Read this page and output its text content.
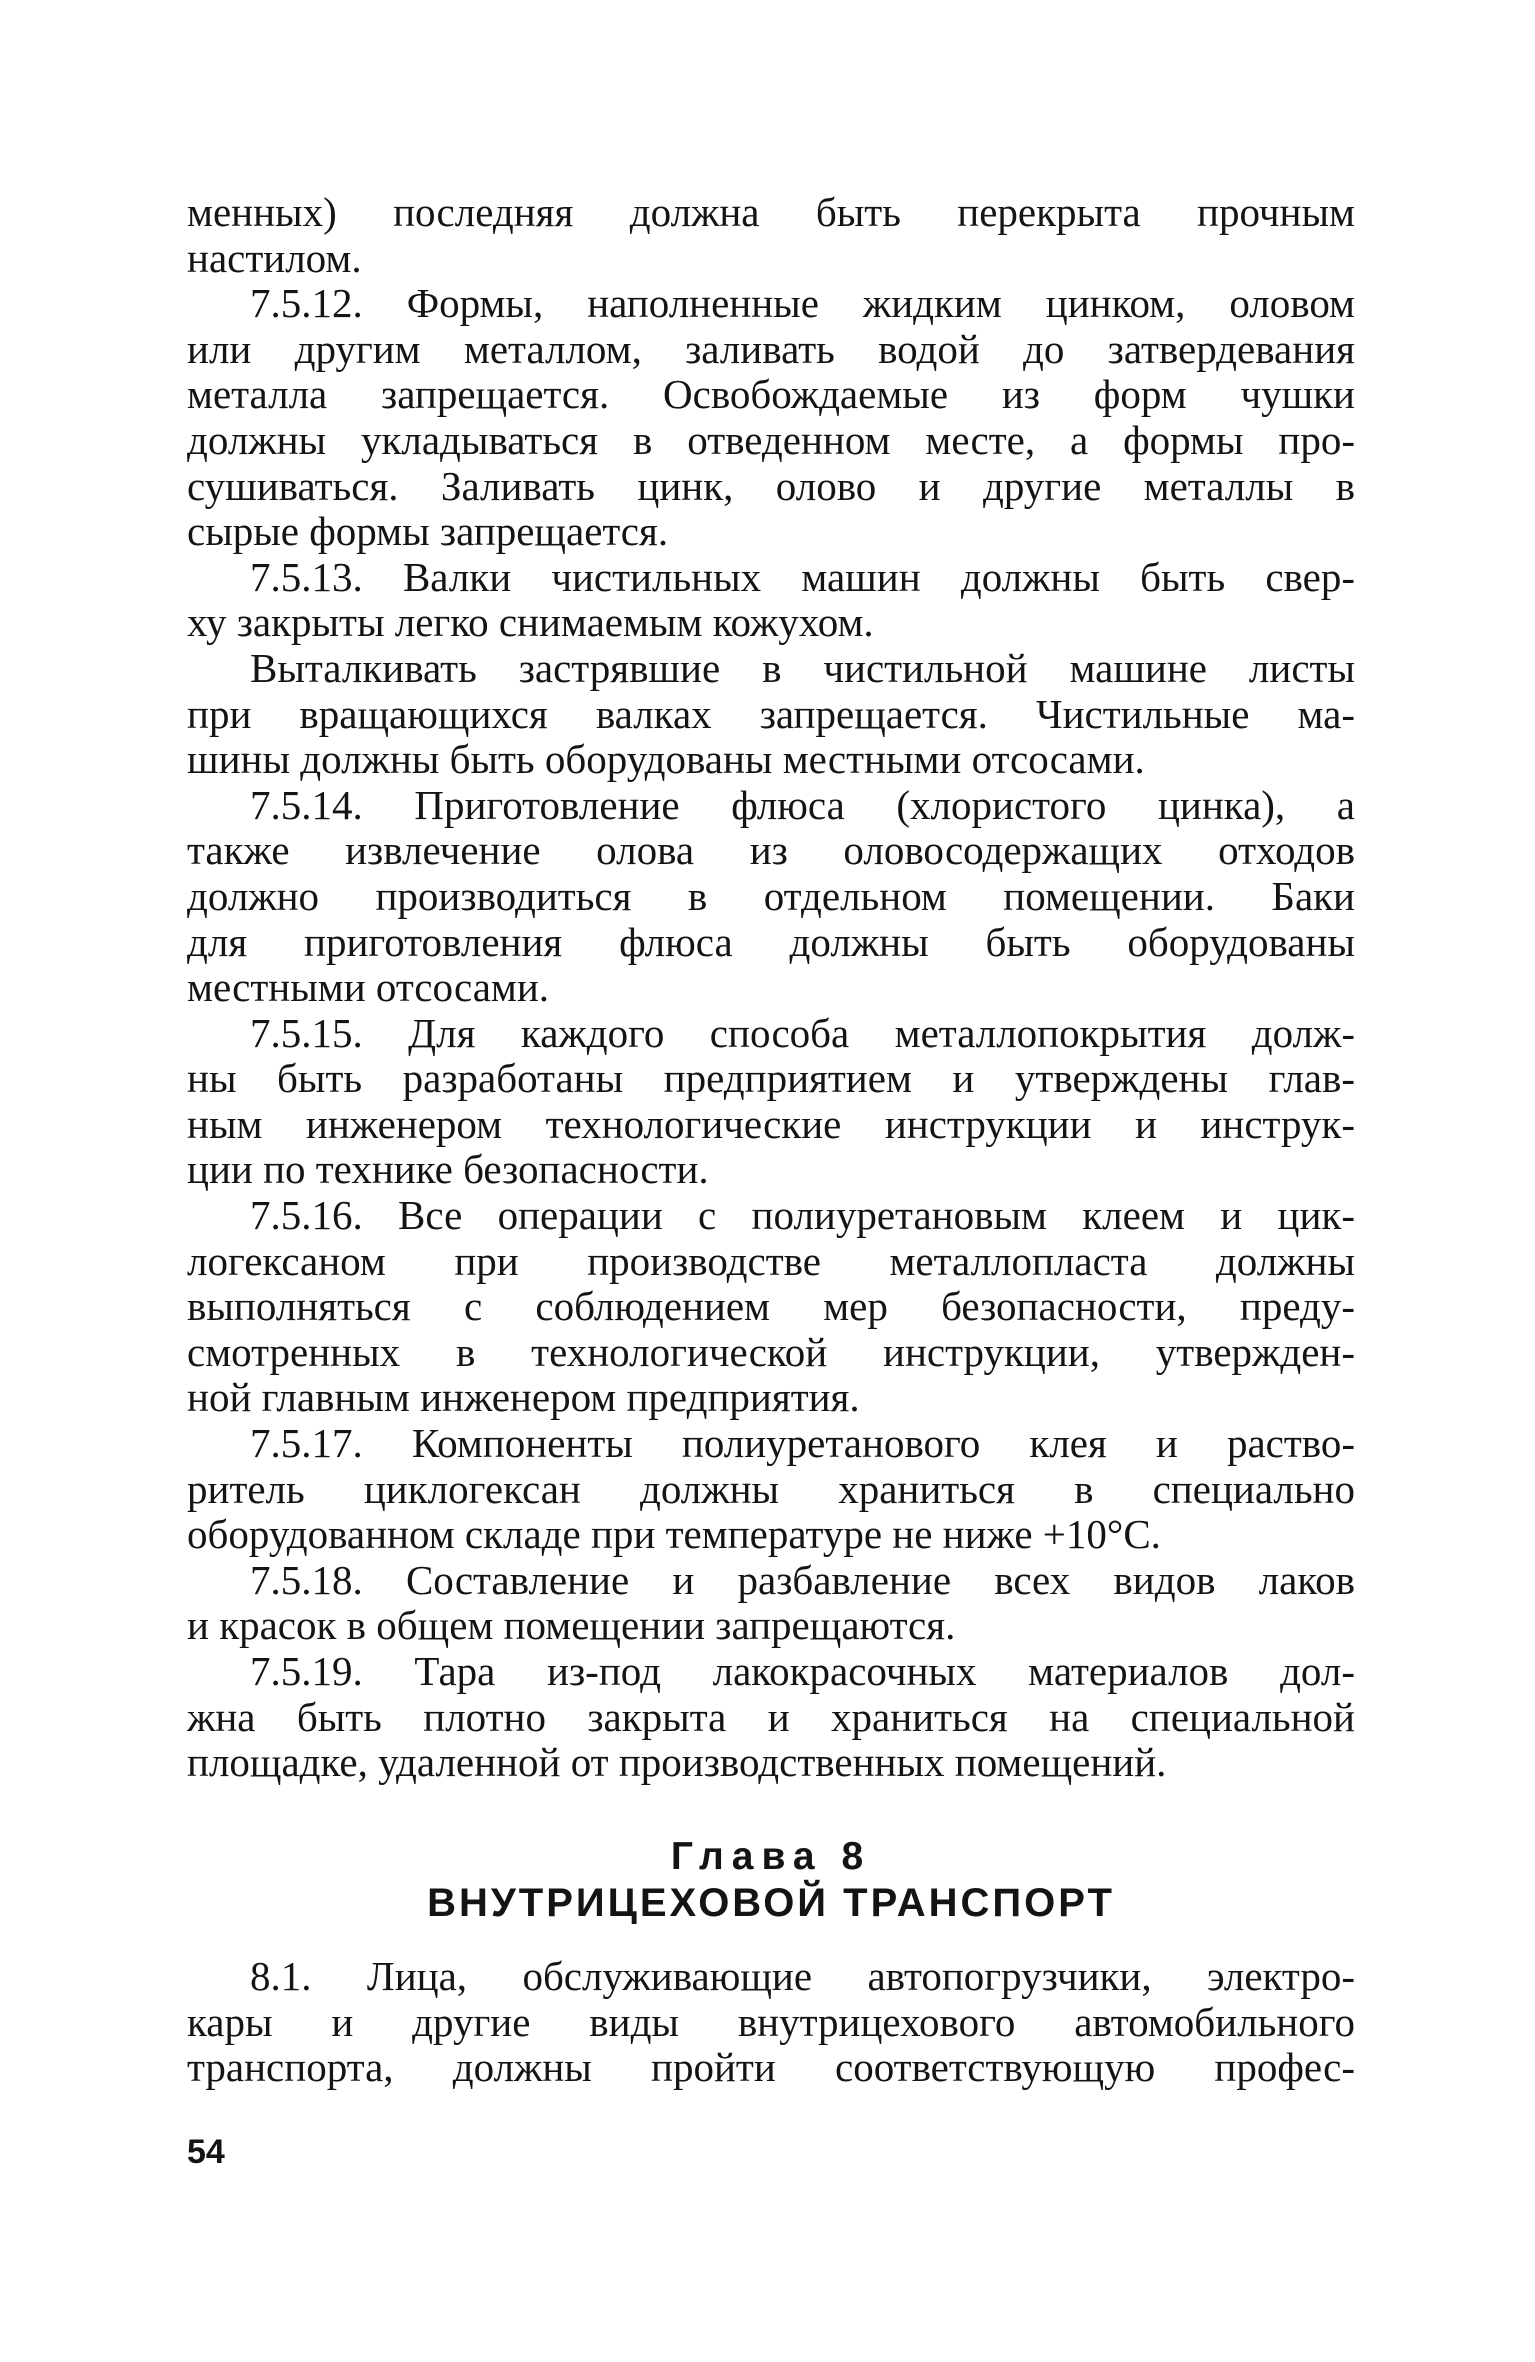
менных) последняя должна быть перекрыта прочным
настилом.
7.5.12. Формы, наполненные жидким цинком, оловом
или другим металлом, заливать водой до затвердевания
металла запрещается. Освобождаемые из форм чушки
должны укладываться в отведенном месте, а формы про-
сушиваться. Заливать цинк, олово и другие металлы в
сырые формы запрещается.
7.5.13. Валки чистильных машин должны быть свер-
ху закрыты легко снимаемым кожухом.
Выталкивать застрявшие в чистильной машине листы
при вращающихся валках запрещается. Чистильные ма-
шины должны быть оборудованы местными отсосами.
7.5.14. Приготовление флюса (хлористого цинка), а
также извлечение олова из оловосодержащих отходов
должно производиться в отдельном помещении. Баки
для приготовления флюса должны быть оборудованы
местными отсосами.
7.5.15. Для каждого способа металлопокрытия долж-
ны быть разработаны предприятием и утверждены глав-
ным инженером технологические инструкции и инструк-
ции по технике безопасности.
7.5.16. Все операции с полиуретановым клеем и цик-
логексаном при производстве металлопласта должны
выполняться с соблюдением мер безопасности, преду-
смотренных в технологической инструкции, утвержден-
ной главным инженером предприятия.
7.5.17. Компоненты полиуретанового клея и раство-
ритель циклогексан должны храниться в специально
оборудованном складе при температуре не ниже +10°С.
7.5.18. Составление и разбавление всех видов лаков
и красок в общем помещении запрещаются.
7.5.19. Тара из-под лакокрасочных материалов дол-
жна быть плотно закрыта и храниться на специальной
площадке, удаленной от производственных помещений.
Глава 8
ВНУТРИЦЕХОВОЙ ТРАНСПОРТ
8.1. Лица, обслуживающие автопогрузчики, электро-
кары и другие виды внутрицехового автомобильного
транспорта, должны пройти соответствующую профес-
54
